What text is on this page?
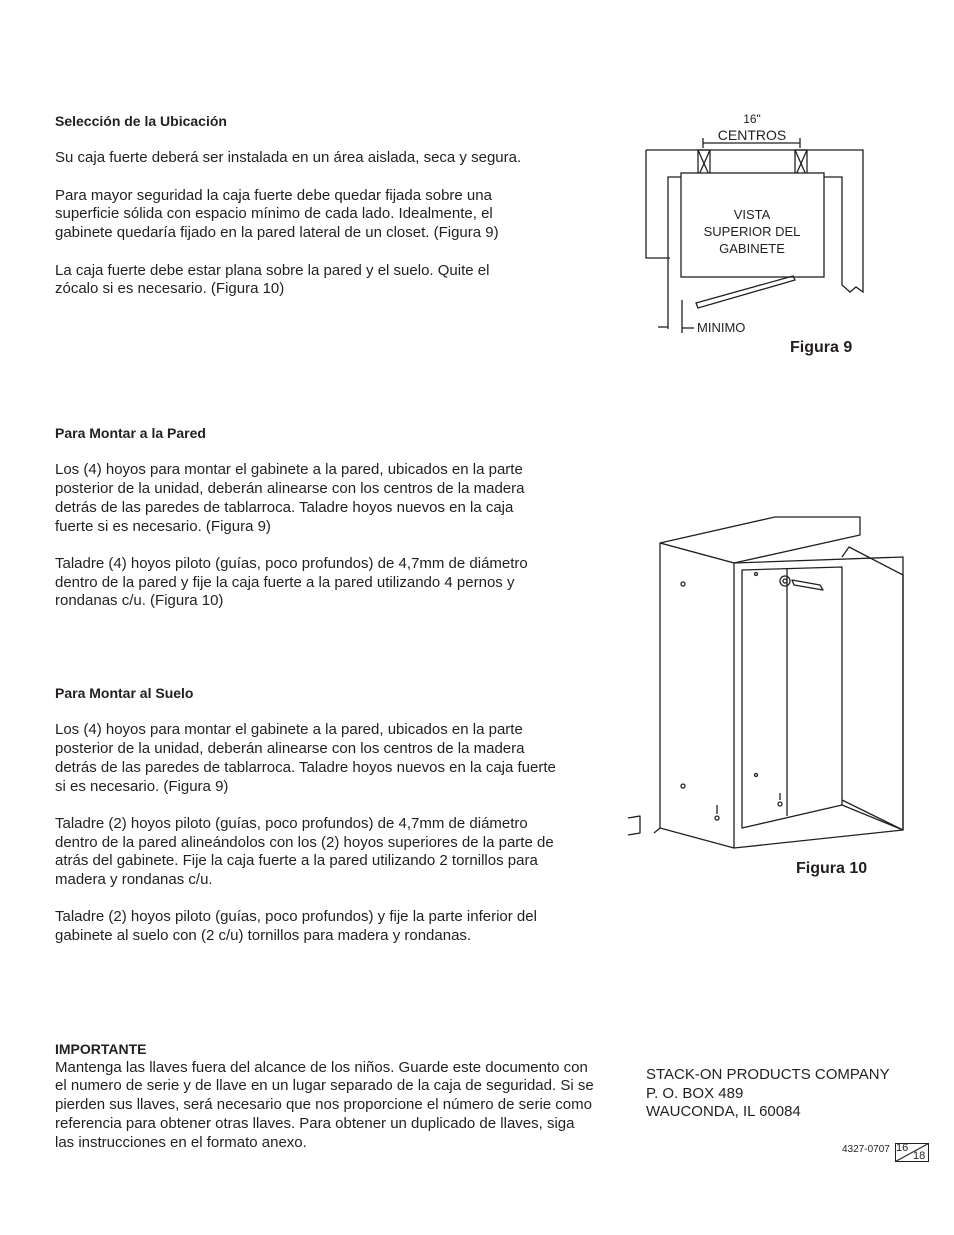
Selección de la Ubicación

Su caja fuerte deberá ser instalada en un área aislada, seca y segura.

Para mayor seguridad la caja fuerte debe quedar fijada sobre una superficie sólida con espacio mínimo de cada lado. Idealmente, el gabinete quedaría fijado en la pared lateral de un closet. (Figura 9)

La caja fuerte debe estar plana sobre la pared y el suelo. Quite el zócalo si es necesario. (Figura 10)

Para Montar a la Pared

Los (4) hoyos para montar el gabinete a la pared, ubicados en la parte posterior de la unidad, deberán alinearse con los centros de la madera detrás de las paredes de tablarroca. Taladre hoyos nuevos en la caja fuerte si es necesario. (Figura 9)

Taladre (4) hoyos piloto (guías, poco profundos) de 4,7mm de diámetro dentro de la pared y fije la caja fuerte a la pared utilizando 4 pernos y rondanas c/u. (Figura 10)

Para Montar al Suelo

Los (4) hoyos para montar el gabinete a la pared, ubicados en la parte posterior de la unidad, deberán alinearse con los centros de la madera detrás de las paredes de tablarroca. Taladre hoyos nuevos en la caja fuerte si es necesario. (Figura 9)

Taladre (2) hoyos piloto (guías, poco profundos) de 4,7mm de diámetro dentro de la pared alineándolos con los (2) hoyos superiores de la parte de atrás del gabinete. Fije la caja fuerte a la pared utilizando 2 tornillos para madera y rondanas c/u.

Taladre (2) hoyos piloto (guías, poco profundos) y fije la parte inferior del gabinete al suelo con (2 c/u) tornillos para madera y rondanas.

IMPORTANTE
Mantenga las llaves fuera del alcance de los niños. Guarde este documento con el numero de serie y de llave en un lugar separado de la caja de seguridad. Si se pierden sus llaves, será necesario que nos proporcione el número de serie como referencia para obtener otras llaves. Para obtener un duplicado de llaves, siga las instrucciones en el formato anexo.
16"
CENTROS
VISTA
SUPERIOR DEL
GABINETE
MINIMO
Figura 9
Figura 10
STACK-ON PRODUCTS COMPANY
P. O. BOX 489
WAUCONDA, IL 60084
4327-0707 16
18
